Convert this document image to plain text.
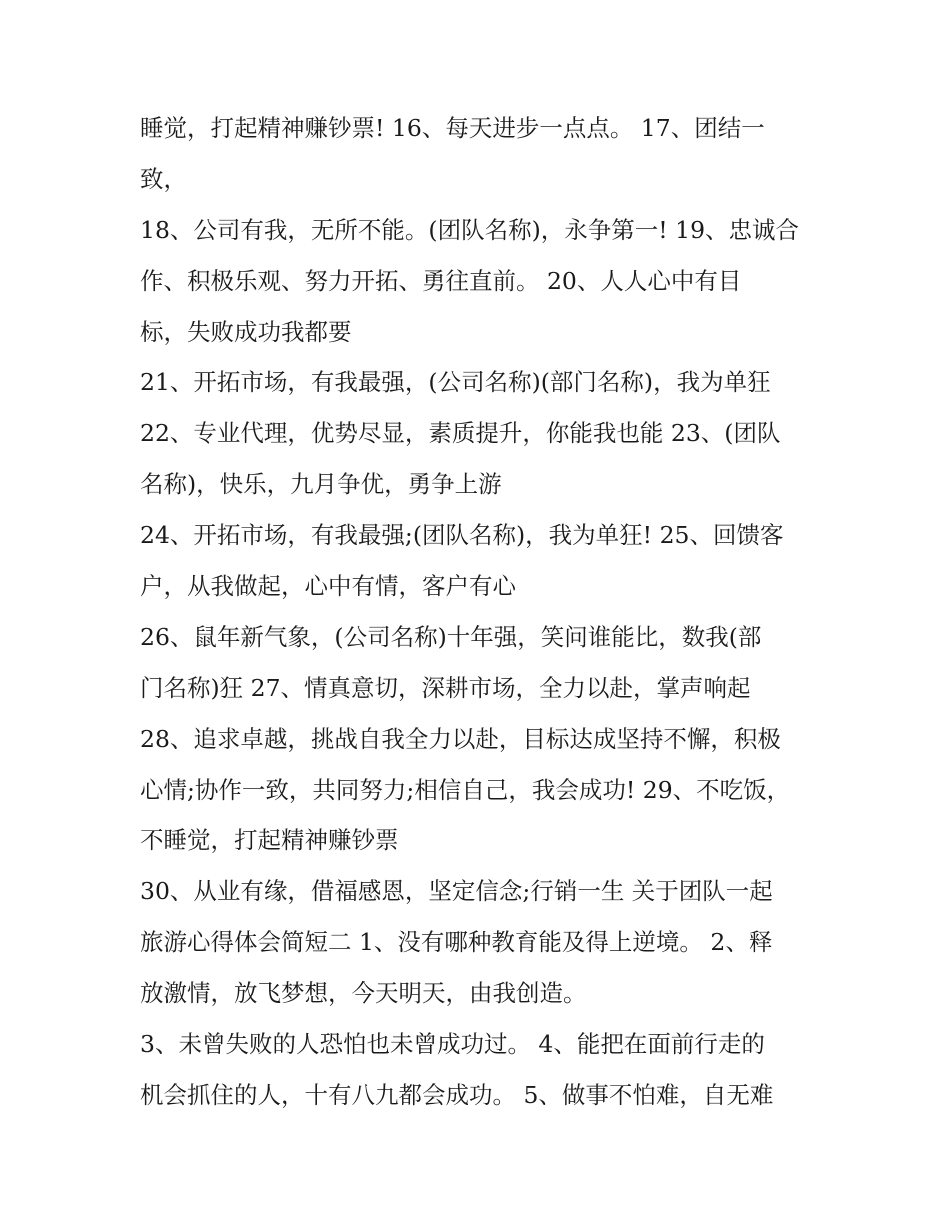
睡觉，打起精神赚钞票! 16、每天进步一点点。 17、团结一
致，
18、公司有我，无所不能。(团队名称)，永争第一! 19、忠诚合
作、积极乐观、努力开拓、勇往直前。 20、人人心中有目
标，失败成功我都要
21、开拓市场，有我最强，(公司名称)(部门名称)，我为单狂
22、专业代理，优势尽显，素质提升，你能我也能 23、(团队
名称)，快乐，九月争优，勇争上游
24、开拓市场，有我最强;(团队名称)，我为单狂! 25、回馈客
户，从我做起，心中有情，客户有心
26、鼠年新气象，(公司名称)十年强，笑问谁能比，数我(部
门名称)狂 27、情真意切，深耕市场，全力以赴，掌声响起
28、追求卓越，挑战自我全力以赴，目标达成坚持不懈，积极
心情;协作一致，共同努力;相信自己，我会成功! 29、不吃饭，
不睡觉，打起精神赚钞票
30、从业有缘，借福感恩，坚定信念;行销一生 关于团队一起
旅游心得体会简短二 1、没有哪种教育能及得上逆境。 2、释
放激情，放飞梦想，今天明天，由我创造。
3、未曾失败的人恐怕也未曾成功过。 4、能把在面前行走的
机会抓住的人，十有八九都会成功。 5、做事不怕难，自无难
